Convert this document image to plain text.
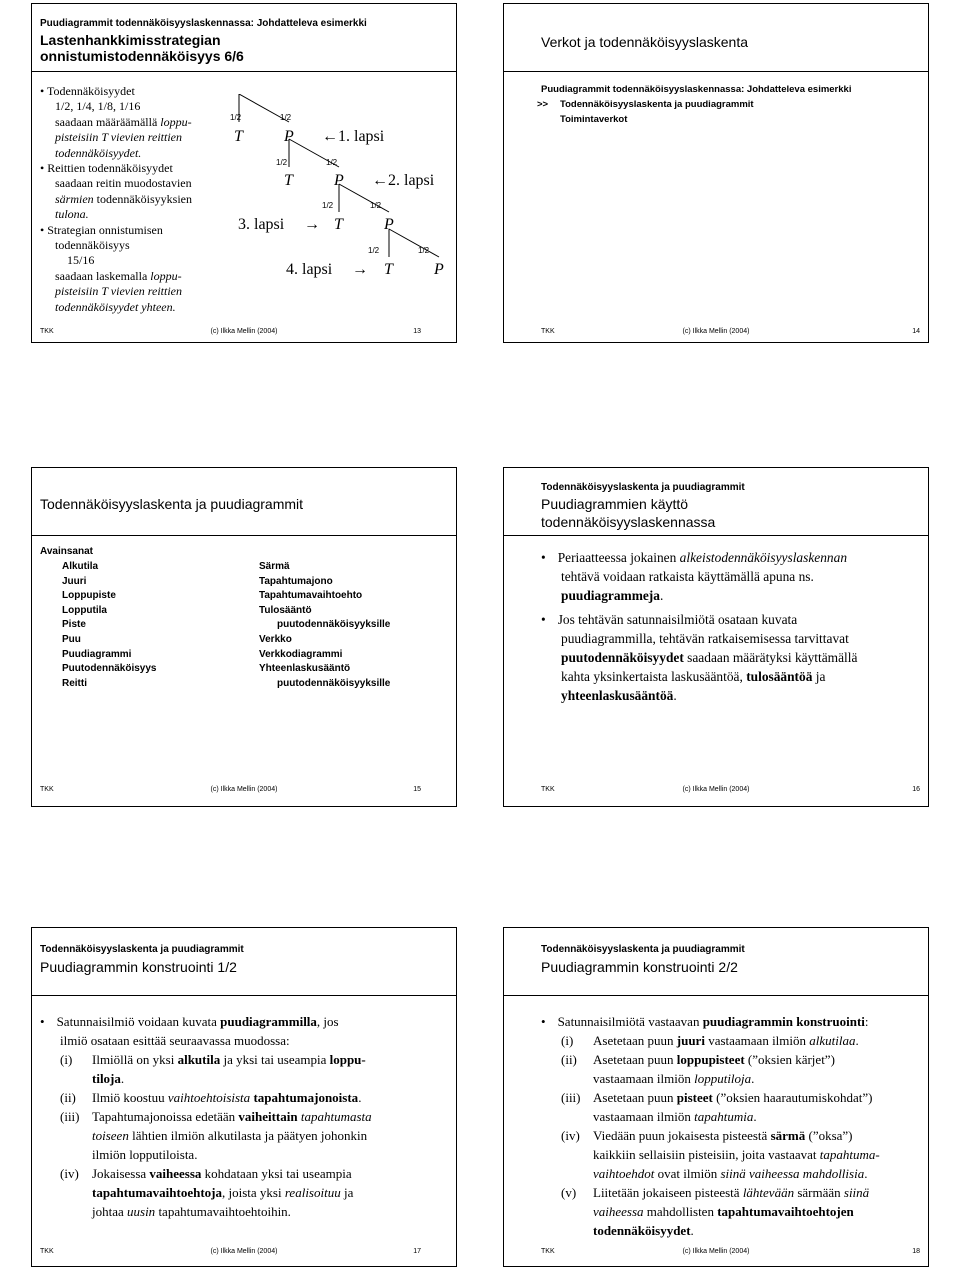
Puudiagrammit todennäköisyyslaskennassa: Johdatteleva esimerkki
Lastenhankkimisstrategian
onnistumistodennäköisyys 6/6
• Todennäköisyydet
1/2, 1/4, 1/8, 1/16
saadaan määräämällä loppu-
pisteisiin T vievien reittien
todennäköisyydet.
• Reittien todennäköisyydet
saadaan reitin muodostavien
särmien todennäköisyyksien
tulona.
• Strategian onnistumisen
todennäköisyys
15/16
saadaan laskemalla loppu-
pisteisiin T vievien reittien
todennäköisyydet yhteen.
1/2	1/2
T	P ← 1. lapsi
1/2	1/2
T	P ← 2. lapsi
1/2	1/2
3. lapsi → T	P
1/2	1/2
4. lapsi → T	P
TKK	(c) Ilkka Mellin (2004)	13
Verkot ja todennäköisyyslaskenta
Puudiagrammit todennäköisyyslaskennassa: Johdatteleva esimerkki
>> Todennäköisyyslaskenta ja puudiagrammit
Toimintaverkot
TKK	(c) Ilkka Mellin (2004)	14
Todennäköisyyslaskenta ja puudiagrammit
Avainsanat
Alkutila
Juuri
Loppupiste
Lopputila
Piste
Puu
Puudiagrammi
Puutodennäköisyys
Reitti
Särmä
Tapahtumajono
Tapahtumavaihtoehto
Tulosääntö
puutodennäköisyyksille
Verkko
Verkkodiagrammi
Yhteenlaskusääntö
puutodennäköisyyksille
TKK	(c) Ilkka Mellin (2004)	15
Todennäköisyyslaskenta ja puudiagrammit
Puudiagrammien käyttö
todennäköisyyslaskennassa
• Periaatteessa jokainen alkeistodennäköisyyslaskennan
tehtävä voidaan ratkaista käyttämällä apuna ns.
puudiagrammeja.
• Jos tehtävän satunnaisilmiötä osataan kuvata
puudiagrammilla, tehtävän ratkaisemisessa tarvittavat
puutodennäköisyydet saadaan määrätyksi käyttämällä
kahta yksinkertaista laskusääntöä, tulosääntöä ja
yhteenlaskusääntöä.
TKK	(c) Ilkka Mellin (2004)	16
Todennäköisyyslaskenta ja puudiagrammit
Puudiagrammin konstruointi 1/2
• Satunnaisilmiö voidaan kuvata puudiagrammilla, jos
ilmiö osataan esittää seuraavassa muodossa:
(i)	Ilmiöllä on yksi alkutila ja yksi tai useampia loppu-
tiloja.
(ii)	Ilmiö koostuu vaihtoehtoisista tapahtumajonoista.
(iii) Tapahtumajonoissa edetään vaiheittain tapahtumasta
toiseen lähtien ilmiön alkutilasta ja päätyen johonkin
ilmiön lopputiloista.
(iv)	Jokaisessa vaiheessa kohdataan yksi tai useampia
tapahtumavaihtoehtoja, joista yksi realisoituu ja
johtaa uusin tapahtumavaihtoehtoihin.
TKK	(c) Ilkka Mellin (2004)	17
Todennäköisyyslaskenta ja puudiagrammit
Puudiagrammin konstruointi 2/2
• Satunnaisilmiötä vastaavan puudiagrammin konstruointi:
(i)	Asetetaan puun juuri vastaamaan ilmiön alkutilaa.
(ii)	Asetetaan puun loppupisteet (”oksien kärjet”)
vastaamaan ilmiön lopputiloja.
(iii) Asetetaan puun pisteet (”oksien haarautumiskohdat”)
vastaamaan ilmiön tapahtumia.
(iv)	Viedään puun jokaisesta pisteestä särmä (”oksa”)
kaikkiin sellaisiin pisteisiin, joita vastaavat tapahtuma-
vaihtoehdot ovat ilmiön siinä vaiheessa mahdollisia.
(v)	Liitetään jokaiseen pisteestä lähtevään särmään siinä
vaiheessa mahdollisten tapahtumavaihtoehtojen
todennäköisyydet.
TKK	(c) Ilkka Mellin (2004)	18
